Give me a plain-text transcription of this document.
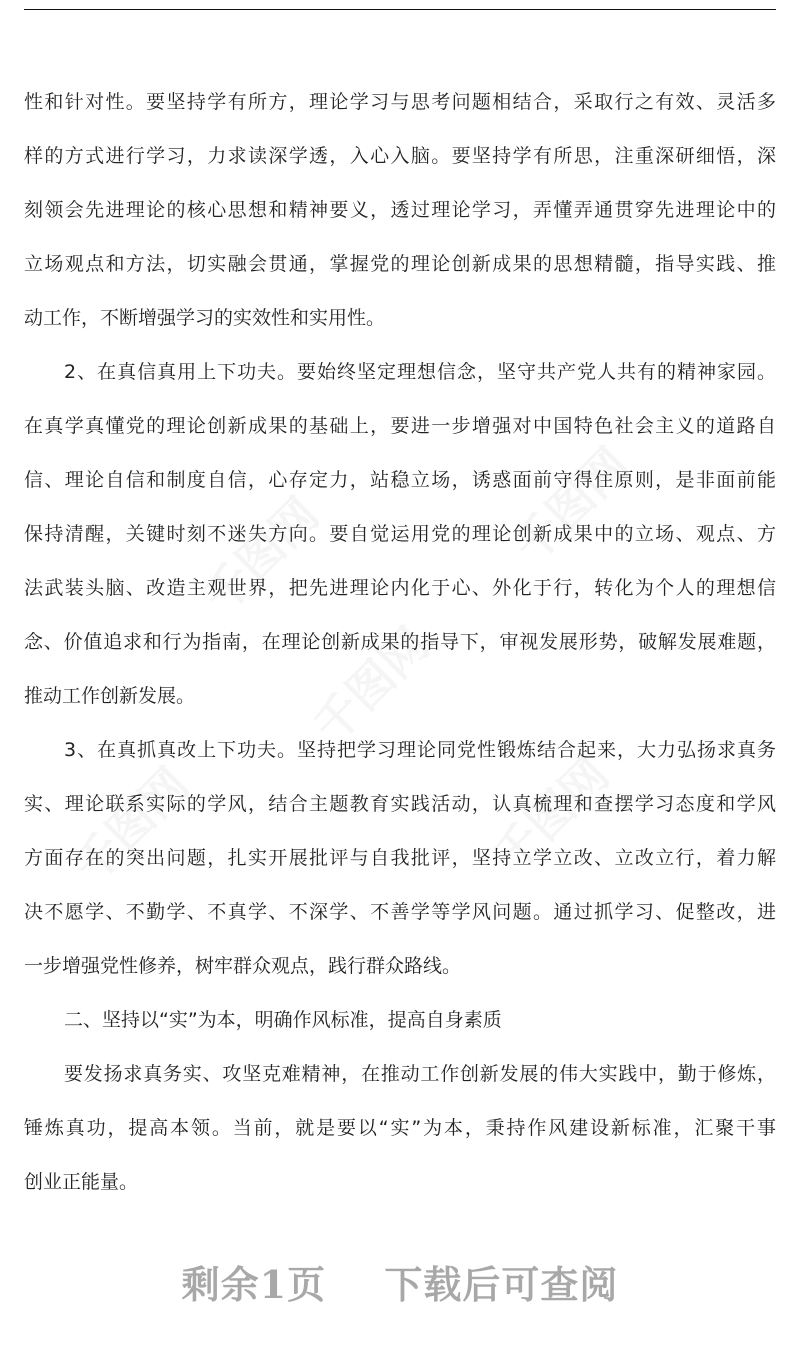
千图网	千图网
千图网
千图网	千图网
性和针对性。要坚持学有所方，理论学习与思考问题相结合，采取行之有效、灵活多
样的方式进行学习，力求读深学透，入心入脑。要坚持学有所思，注重深研细悟，深
刻领会先进理论的核心思想和精神要义，透过理论学习，弄懂弄通贯穿先进理论中的
立场观点和方法，切实融会贯通，掌握党的理论创新成果的思想精髓，指导实践、推
动工作，不断增强学习的实效性和实用性。
2、在真信真用上下功夫。要始终坚定理想信念，坚守共产党人共有的精神家园。
在真学真懂党的理论创新成果的基础上，要进一步增强对中国特色社会主义的道路自
信、理论自信和制度自信，心存定力，站稳立场，诱惑面前守得住原则，是非面前能
保持清醒，关键时刻不迷失方向。要自觉运用党的理论创新成果中的立场、观点、方
法武装头脑、改造主观世界，把先进理论内化于心、外化于行，转化为个人的理想信
念、价值追求和行为指南，在理论创新成果的指导下，审视发展形势，破解发展难题，
推动工作创新发展。
3、在真抓真改上下功夫。坚持把学习理论同党性锻炼结合起来，大力弘扬求真务
实、理论联系实际的学风，结合主题教育实践活动，认真梳理和查摆学习态度和学风
方面存在的突出问题，扎实开展批评与自我批评，坚持立学立改、立改立行，着力解
决不愿学、不勤学、不真学、不深学、不善学等学风问题。通过抓学习、促整改，进
一步增强党性修养，树牢群众观点，践行群众路线。
二、坚持以“实”为本，明确作风标准，提高自身素质
要发扬求真务实、攻坚克难精神，在推动工作创新发展的伟大实践中，勤于修炼，
锤炼真功，提高本领。当前，就是要以“实”为本，秉持作风建设新标准，汇聚干事
创业正能量。
剩余1页 下载后可查阅
